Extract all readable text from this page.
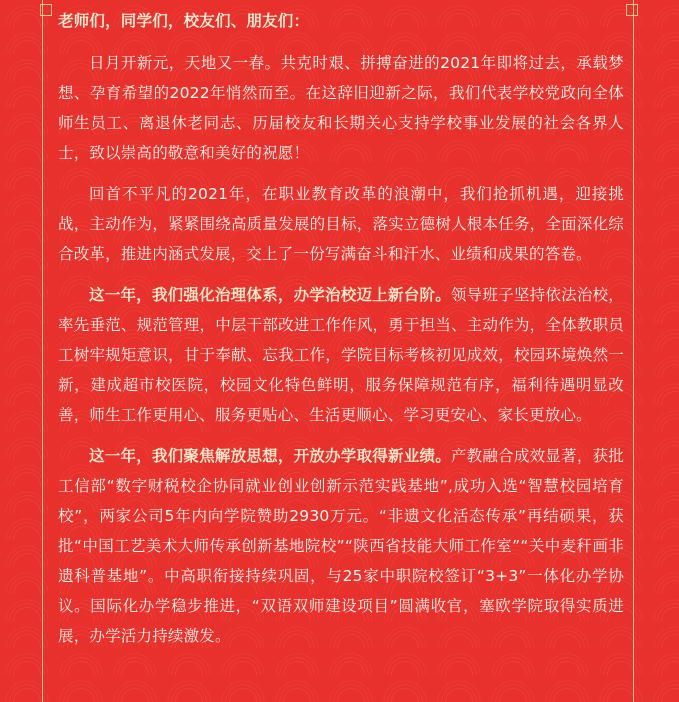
老师们，同学们，校友们、朋友们：

日月开新元，天地又一春。共克时艰、拼搏奋进的2021年即将过去，承载梦想、孕育希望的2022年悄然而至。在这辞旧迎新之际，我们代表学校党政向全体师生员工、离退休老同志、历届校友和长期关心支持学校事业发展的社会各界人士，致以崇高的敬意和美好的祝愿！

回首不平凡的2021年，在职业教育改革的浪潮中，我们抢抓机遇，迎接挑战，主动作为，紧紧围绕高质量发展的目标，落实立德树人根本任务，全面深化综合改革，推进内涵式发展，交上了一份写满奋斗和汗水、业绩和成果的答卷。

这一年，我们强化治理体系，办学治校迈上新台阶。领导班子坚持依法治校，率先垂范、规范管理，中层干部改进工作作风，勇于担当、主动作为，全体教职员工树牢规矩意识，甘于奉献、忘我工作，学院目标考核初见成效，校园环境焕然一新，建成超市校医院，校园文化特色鲜明，服务保障规范有序，福利待遇明显改善，师生工作更用心、服务更贴心、生活更顺心、学习更安心、家长更放心。

这一年，我们聚焦解放思想，开放办学取得新业绩。产教融合成效显著，获批工信部“数字财税校企协同就业创业创新示范实践基地”,成功入选“智慧校园培育校”，两家公司5年内向学院赞助2930万元。“非遗文化活态传承”再结硕果，获批“中国工艺美术大师传承创新基地院校”“陕西省技能大师工作室”“关中麦秆画非遗科普基地”。中高职衔接持续巩固，与25家中职院校签订“3+3”一体化办学协议。国际化办学稳步推进，“双语双师建设项目”圆满收官，塞欧学院取得实质进展，办学活力持续激发。
